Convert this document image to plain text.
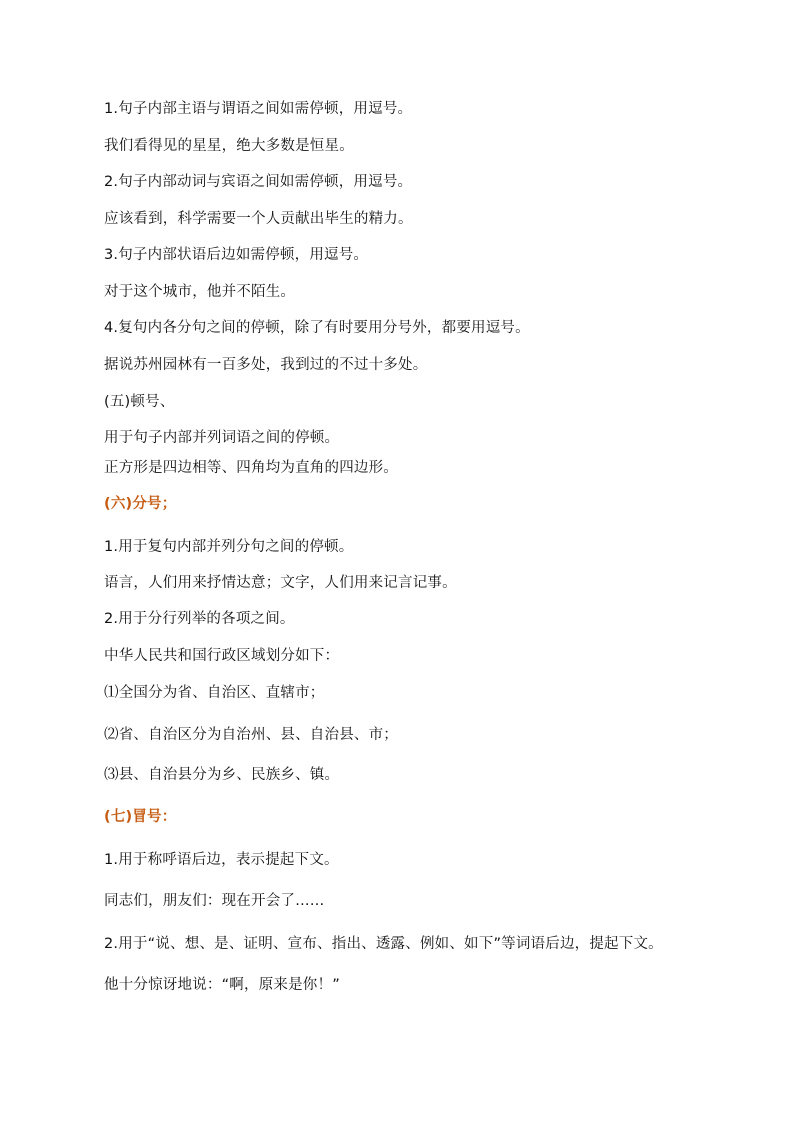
1.句子内部主语与谓语之间如需停顿，用逗号。
我们看得见的星星，绝大多数是恒星。
2.句子内部动词与宾语之间如需停顿，用逗号。
应该看到，科学需要一个人贡献出毕生的精力。
3.句子内部状语后边如需停顿，用逗号。
对于这个城市，他并不陌生。
4.复句内各分句之间的停顿，除了有时要用分号外，都要用逗号。
据说苏州园林有一百多处，我到过的不过十多处。
(五)顿号、
用于句子内部并列词语之间的停顿。
正方形是四边相等、四角均为直角的四边形。
(六)分号；
1.用于复句内部并列分句之间的停顿。
语言，人们用来抒情达意；文字，人们用来记言记事。
2.用于分行列举的各项之间。
中华人民共和国行政区域划分如下：
⑴全国分为省、自治区、直辖市；
⑵省、自治区分为自治州、县、自治县、市；
⑶县、自治县分为乡、民族乡、镇。
(七)冒号：
1.用于称呼语后边，表示提起下文。
同志们，朋友们：现在开会了……
2.用于“说、想、是、证明、宣布、指出、透露、例如、如下”等词语后边，提起下文。
他十分惊讶地说：“啊，原来是你！”
